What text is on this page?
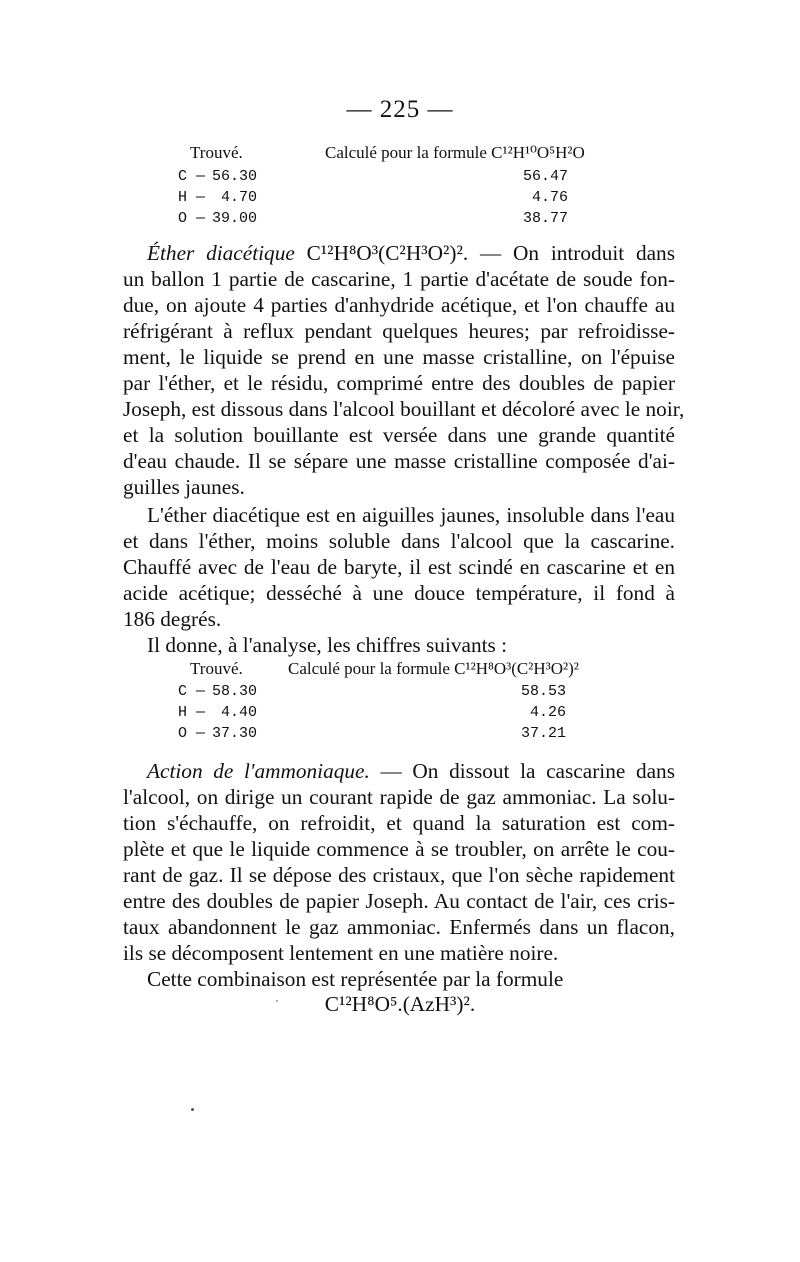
— 225 —
Trouvé.	Calculé pour la formule C¹²H¹⁰O⁵H²O
C — 56.30	56.47
H — 4.70	4.76
O — 39.00	38.77
Éther diacétique C¹²H⁸O³(C²H³O²)². — On introduit dans
un ballon 1 partie de cascarine, 1 partie d'acétate de soude fon-
due, on ajoute 4 parties d'anhydride acétique, et l'on chauffe au
réfrigérant à reflux pendant quelques heures; par refroidisse-
ment, le liquide se prend en une masse cristalline, on l'épuise
par l'éther, et le résidu, comprimé entre des doubles de papier
Joseph, est dissous dans l'alcool bouillant et décoloré avec le noir,
et la solution bouillante est versée dans une grande quantité
d'eau chaude. Il se sépare une masse cristalline composée d'ai-
guilles jaunes.
L'éther diacétique est en aiguilles jaunes, insoluble dans l'eau
et dans l'éther, moins soluble dans l'alcool que la cascarine.
Chauffé avec de l'eau de baryte, il est scindé en cascarine et en
acide acétique; desséché à une douce température, il fond à
186 degrés.
Il donne, à l'analyse, les chiffres suivants :
Trouvé.	Calculé pour la formule C¹²H⁸O³(C²H³O²)²
C — 58.30	58.53
H — 4.40	4.26
O — 37.30	37.21
Action de l'ammoniaque. — On dissout la cascarine dans
l'alcool, on dirige un courant rapide de gaz ammoniac. La solu-
tion s'échauffe, on refroidit, et quand la saturation est com-
plète et que le liquide commence à se troubler, on arrête le cou-
rant de gaz. Il se dépose des cristaux, que l'on sèche rapidement
entre des doubles de papier Joseph. Au contact de l'air, ces cris-
taux abandonnent le gaz ammoniac. Enfermés dans un flacon,
ils se décomposent lentement en une matière noire.
Cette combinaison est représentée par la formule
C¹²H⁸O⁵.(AzH³)².
